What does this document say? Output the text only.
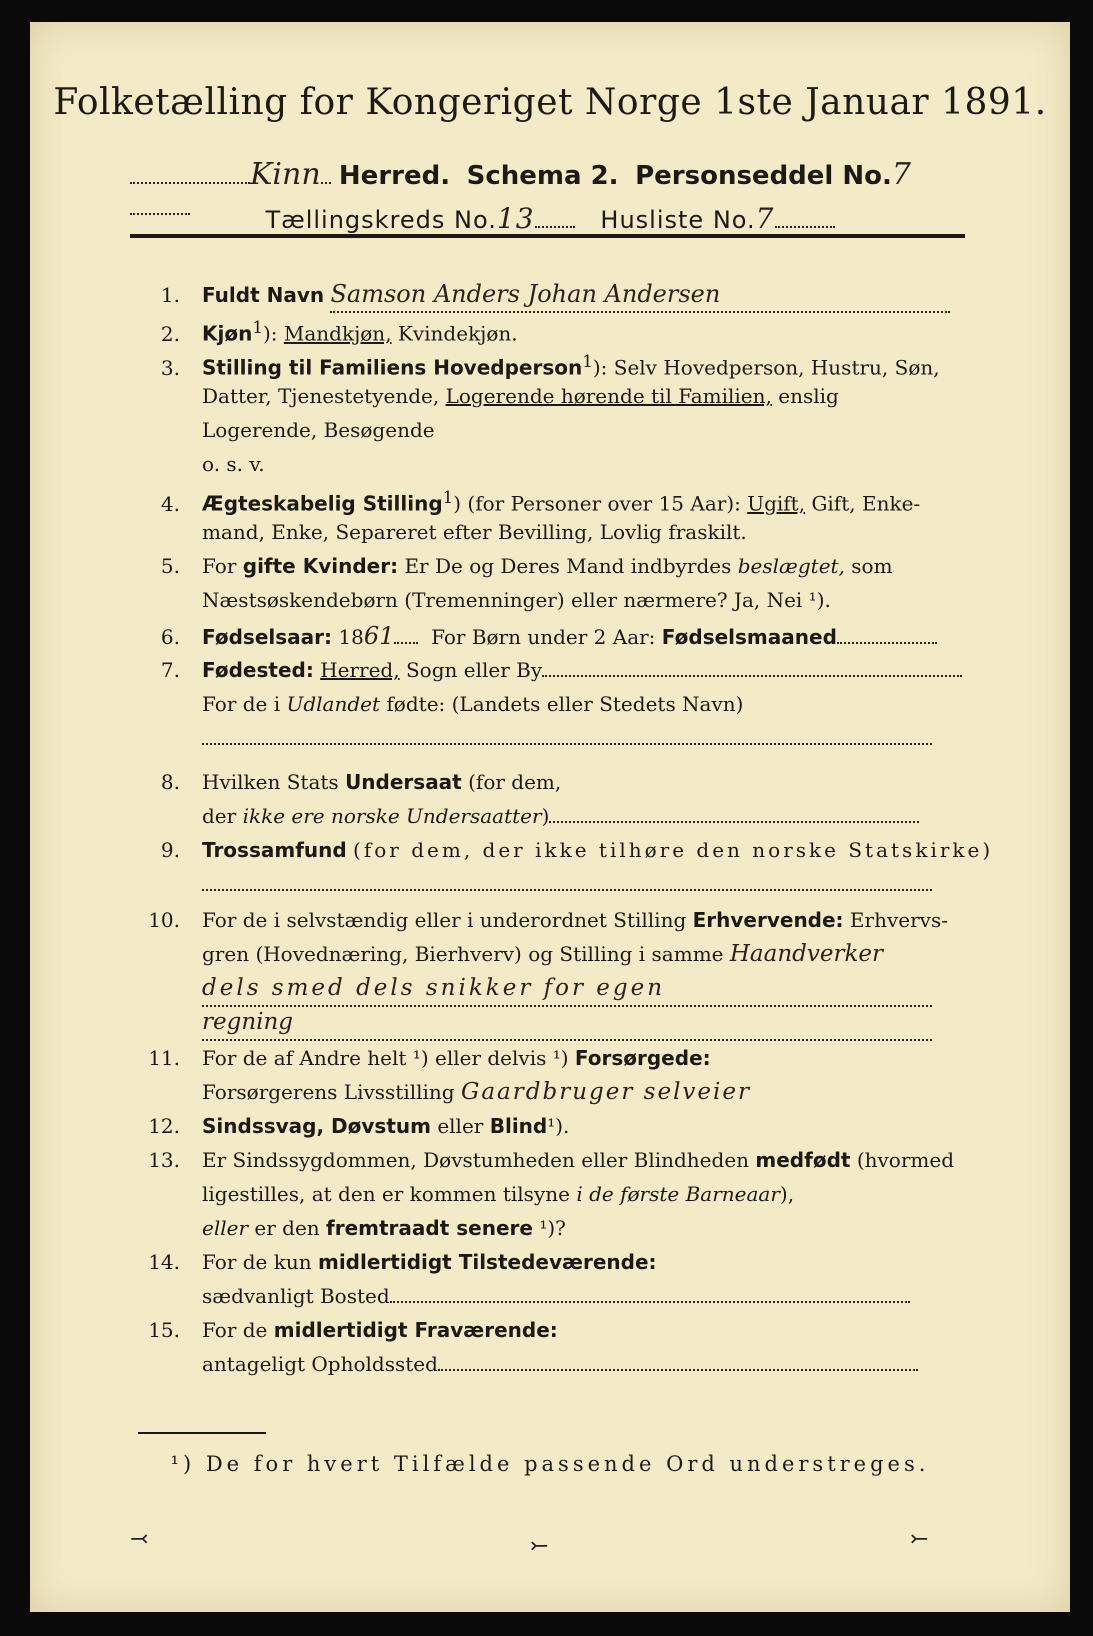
Folketælling for Kongeriget Norge 1ste Januar 1891.
Kinn Herred. Schema 2. Personseddel No.7
Tællingskreds No.13	Husliste No.7
1. Fuldt Navn Samson Anders Johan Andersen
2. Kjøn$^1$): Mandkjøn, Kvindekjøn.
3. Stilling til Familiens Hovedperson$^1$): Selv Hovedperson, Hustru, Søn,
Datter, Tjenestetyende, Logerende hørende til Familien, enslig
Logerende, Besøgende
o. s. v.
4. Ægteskabelig Stilling$^1$) (for Personer over 15 Aar): Ugift, Gift, Enke-
mand, Enke, Separeret efter Bevilling, Lovlig fraskilt.
5. For gifte Kvinder: Er De og Deres Mand indbyrdes beslægtet, som
Næstsøskendebørn (Tremenninger) eller nærmere? Ja, Nei ¹).
6. Fødselsaar: 1861 For Børn under 2 Aar: Fødselsmaaned
7. Fødested: Herred, Sogn eller By
For de i Udlandet fødte: (Landets eller Stedets Navn)
8. Hvilken Stats Undersaat (for dem,
der ikke ere norske Undersaatter)
9. Trossamfund (for dem, der ikke tilhøre den norske Statskirke)
10. For de i selvstændig eller i underordnet Stilling Erhvervende: Erhvervs-
gren (Hovednæring, Bierhverv) og Stilling i samme Haandverker
dels smed dels snikker for egen
regning
11. For de af Andre helt ¹) eller delvis ¹) Forsørgede:
Forsørgerens Livsstilling Gaardbruger selveier
12. Sindssvag, Døvstum eller Blind¹).
13. Er Sindssygdommen, Døvstumheden eller Blindheden medfødt (hvormed
ligestilles, at den er kommen tilsyne i de første Barneaar),
eller er den fremtraadt senere ¹)?
14. For de kun midlertidigt Tilstedeværende:
sædvanligt Bosted
15. For de midlertidigt Fraværende:
antageligt Opholdssted
¹) De for hvert Tilfælde passende Ord understreges.
⤙	⤚	⤚
